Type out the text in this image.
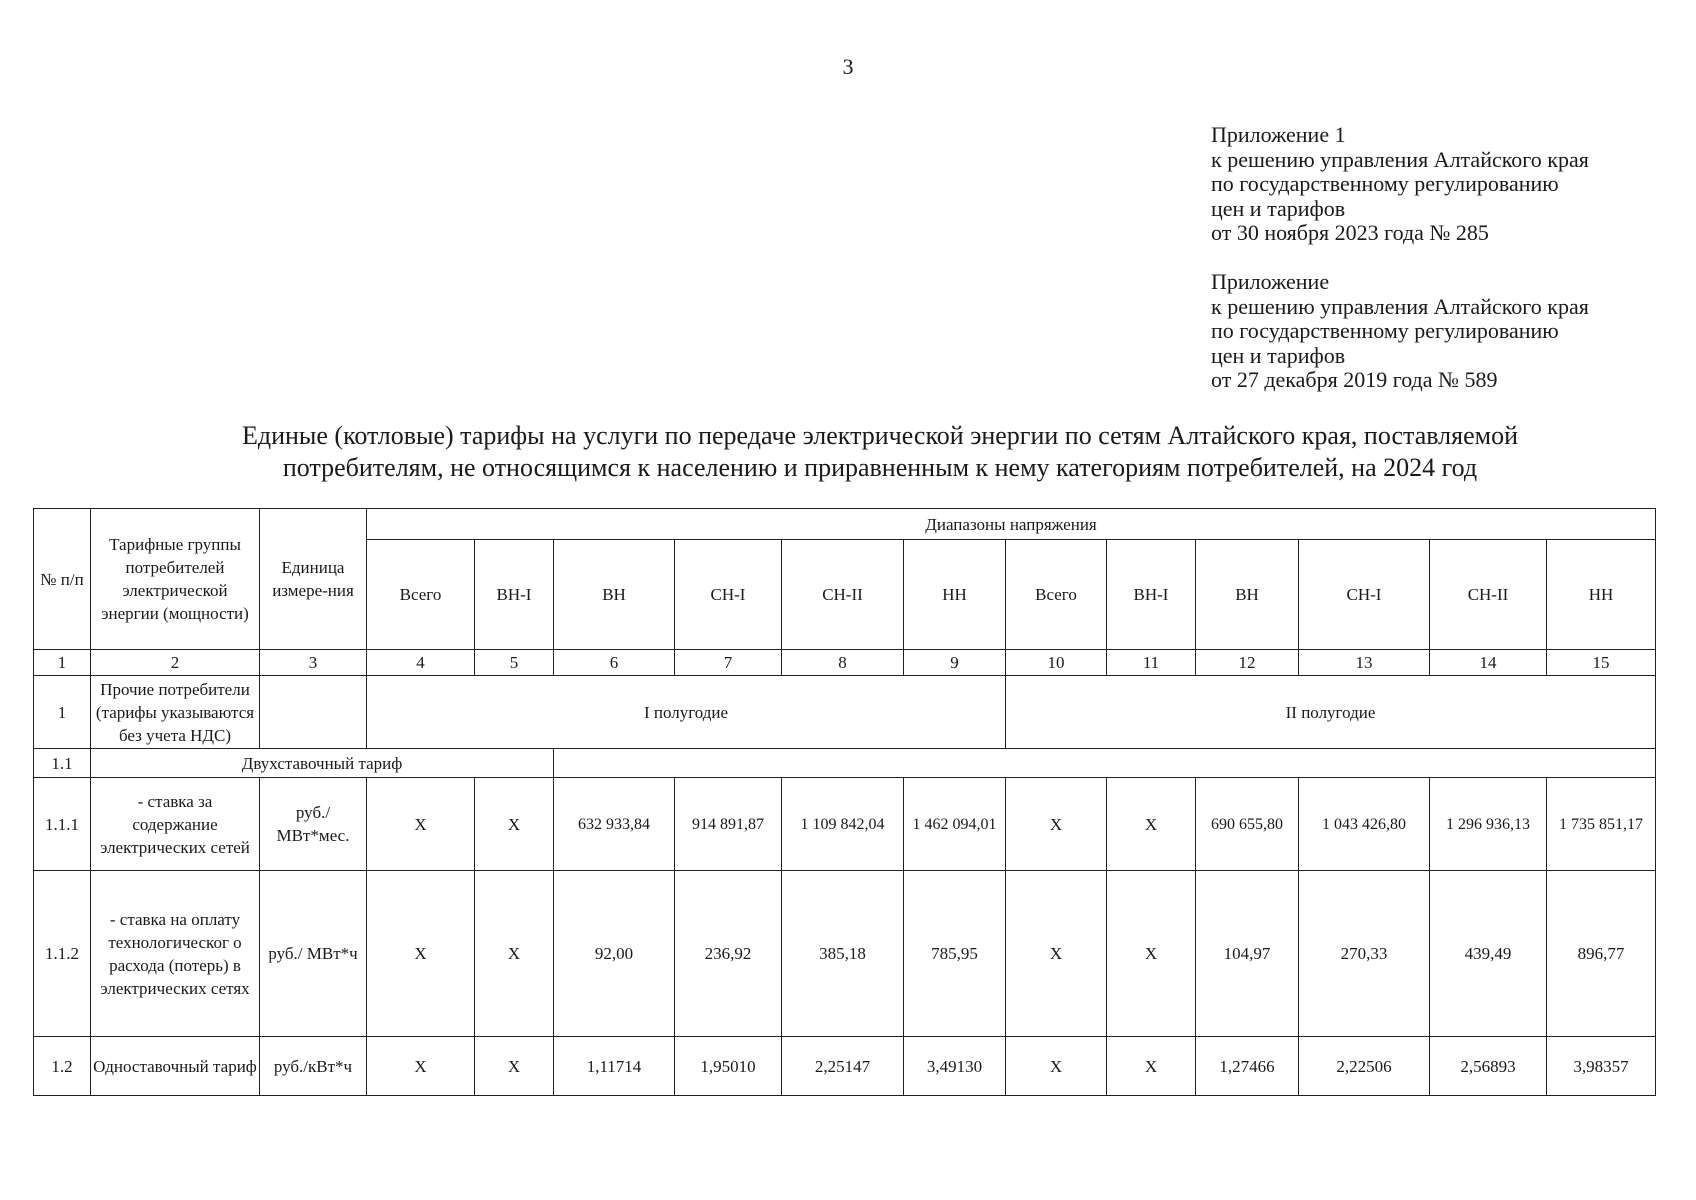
3
Приложение 1
к решению управления Алтайского края
по государственному регулированию
цен и тарифов
от 30 ноября 2023 года № 285
Приложение
к решению управления Алтайского края
по государственному регулированию
цен и тарифов
от 27 декабря 2019 года № 589
Единые (котловые) тарифы на услуги по передаче электрической энергии по сетям Алтайского края, поставляемой
потребителям, не относящимся к населению и приравненным к нему категориям потребителей, на 2024 год
№ п/п	Тарифные группы потребителей электрической энергии (мощности)	Единица измере-ния	Диапазоны напряжения											
			Всего	ВН-I	ВН	СН-I	СН-II	НН	Всего	ВН-I	ВН	СН-I	СН-II	НН
1	2	3	4	5	6	7	8	9	10	11	12	13	14	15
1	Прочие потребители (тарифы указываются без учета НДС)		I полугодие						II полугодие					
1.1	Двухставочный тариф													
1.1.1	- ставка за содержание электрических сетей	руб./ МВт*мес.	X	X	632 933,84	914 891,87	1 109 842,04	1 462 094,01	X	X	690 655,80	1 043 426,80	1 296 936,13	1 735 851,17
1.1.2	- ставка на оплату технологическог о расхода (потерь) в электрических сетях	руб./ МВт*ч	X	X	92,00	236,92	385,18	785,95	X	X	104,97	270,33	439,49	896,77
1.2	Одноставочный тариф	руб./кВт*ч	X	X	1,11714	1,95010	2,25147	3,49130	X	X	1,27466	2,22506	2,56893	3,98357
